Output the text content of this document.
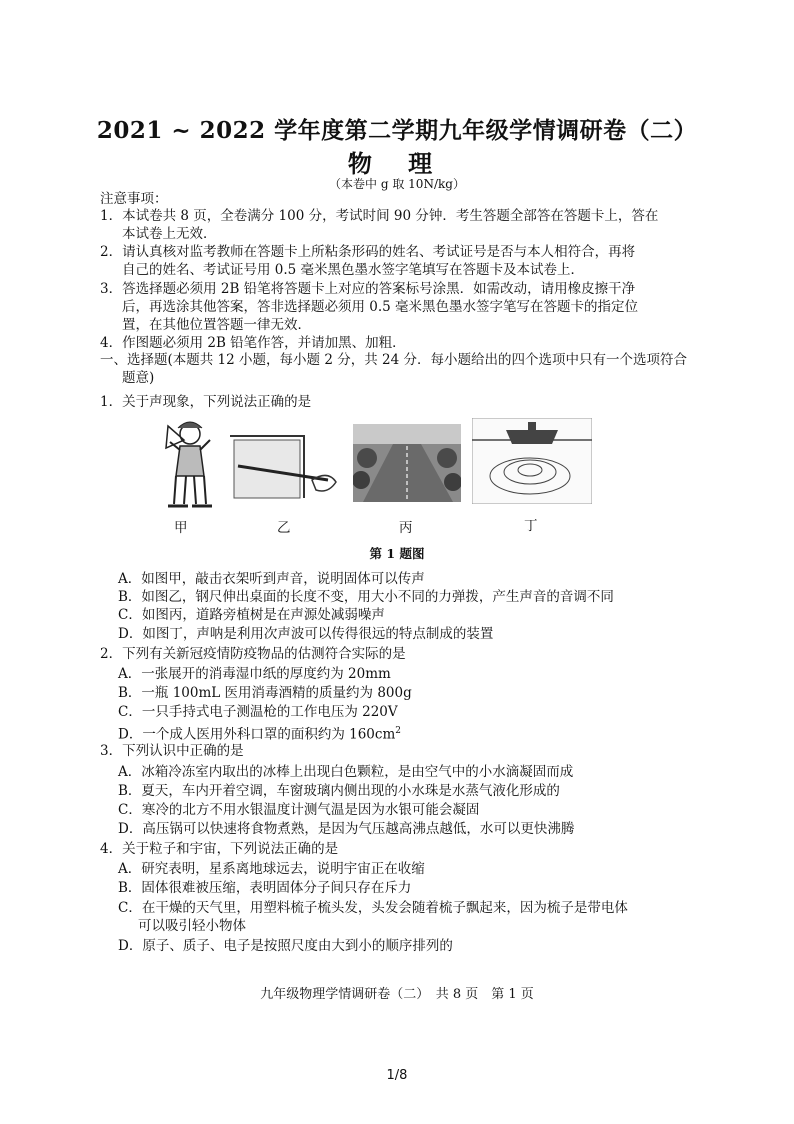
2021 ~ 2022 学年度第二学期九年级学情调研卷（二）
物 理
（本卷中 g 取 10N/kg）
注意事项：
1．本试卷共 8 页，全卷满分 100 分，考试时间 90 分钟．考生答题全部答在答题卡上，答在
本试卷上无效．
2．请认真核对监考教师在答题卡上所粘条形码的姓名、考试证号是否与本人相符合，再将
自己的姓名、考试证号用 0.5 毫米黑色墨水签字笔填写在答题卡及本试卷上．
3．答选择题必须用 2B 铅笔将答题卡上对应的答案标号涂黑．如需改动，请用橡皮擦干净
后，再选涂其他答案，答非选择题必须用 0.5 毫米黑色墨水签字笔写在答题卡的指定位
置，在其他位置答题一律无效．
4．作图题必须用 2B 铅笔作答，并请加黑、加粗．
一、选择题(本题共 12 小题，每小题 2 分，共 24 分．每小题给出的四个选项中只有一个选项符合
题意)
1．关于声现象，下列说法正确的是
甲	乙	丙	丁
第 1 题图
A．如图甲，敲击衣架听到声音，说明固体可以传声
B．如图乙，钢尺伸出桌面的长度不变，用大小不同的力弹拨，产生声音的音调不同
C．如图丙，道路旁植树是在声源处减弱噪声
D．如图丁，声呐是利用次声波可以传得很远的特点制成的装置
2．下列有关新冠疫情防疫物品的估测符合实际的是
A．一张展开的消毒湿巾纸的厚度约为 20mm
B．一瓶 100mL 医用消毒酒精的质量约为 800g
C．一只手持式电子测温枪的工作电压为 220V
D．一个成人医用外科口罩的面积约为 $160cm^2$
3．下列认识中正确的是
A．冰箱冷冻室内取出的冰棒上出现白色颗粒，是由空气中的小水滴凝固而成
B．夏天，车内开着空调，车窗玻璃内侧出现的小水珠是水蒸气液化形成的
C．寒冷的北方不用水银温度计测气温是因为水银可能会凝固
D．高压锅可以快速将食物煮熟，是因为气压越高沸点越低，水可以更快沸腾
4．关于粒子和宇宙，下列说法正确的是
A．研究表明，星系离地球远去，说明宇宙正在收缩
B．固体很难被压缩，表明固体分子间只存在斥力
C．在干燥的天气里，用塑料梳子梳头发，头发会随着梳子飘起来，因为梳子是带电体
可以吸引轻小物体
D．原子、质子、电子是按照尺度由大到小的顺序排列的
九年级物理学情调研卷（二）　共 8 页　第 1 页
1/8
